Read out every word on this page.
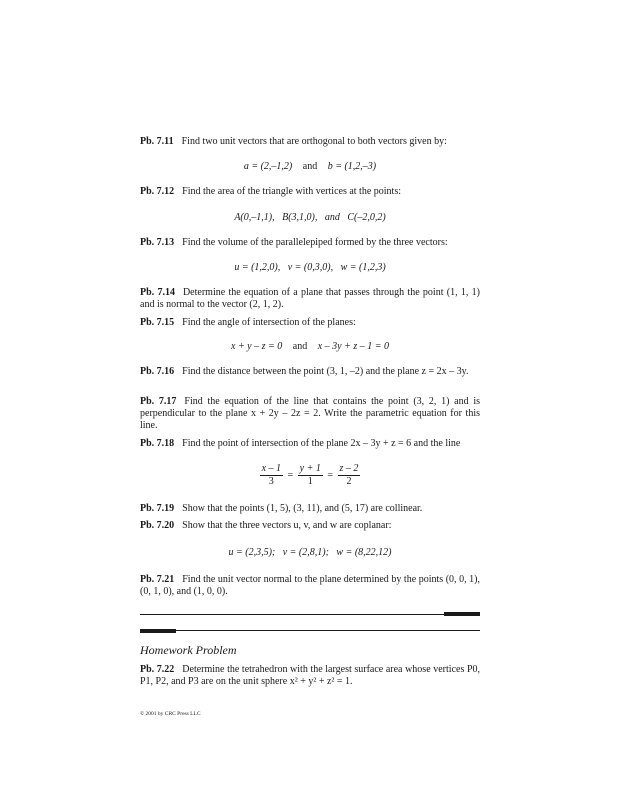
Pb. 7.11 Find two unit vectors that are orthogonal to both vectors given by:
a = (2,–1,2) and b = (1,2,–3)
Pb. 7.12 Find the area of the triangle with vertices at the points:
A(0,–1,1),   B(3,1,0),   and   C(–2,0,2)
Pb. 7.13 Find the volume of the parallelepiped formed by the three vectors:
u = (1,2,0),   v = (0,3,0),   w = (1,2,3)
Pb. 7.14 Determine the equation of a plane that passes through the point (1, 1, 1) and is normal to the vector (2, 1, 2).
Pb. 7.15 Find the angle of intersection of the planes:
x + y – z = 0 and x – 3y + z – 1 = 0
Pb. 7.16 Find the distance between the point (3, 1, –2) and the plane z = 2x – 3y.
Pb. 7.17 Find the equation of the line that contains the point (3, 2, 1) and is perpendicular to the plane x + 2y – 2z = 2. Write the parametric equation for this line.
Pb. 7.18 Find the point of intersection of the plane 2x – 3y + z = 6 and the line
$\frac{x - 1}{3} = \frac{y + 1}{1} = \frac{z - 2}{2}$
Pb. 7.19 Show that the points (1, 5), (3, 11), and (5, 17) are collinear.
Pb. 7.20 Show that the three vectors u, v, and w are coplanar:
u = (2,3,5);   v = (2,8,1);   w = (8,22,12)
Pb. 7.21 Find the unit vector normal to the plane determined by the points (0, 0, 1), (0, 1, 0), and (1, 0, 0).
Homework Problem
Pb. 7.22 Determine the tetrahedron with the largest surface area whose vertices P0, P1, P2, and P3 are on the unit sphere x² + y² + z² = 1.
© 2001 by CRC Press LLC
